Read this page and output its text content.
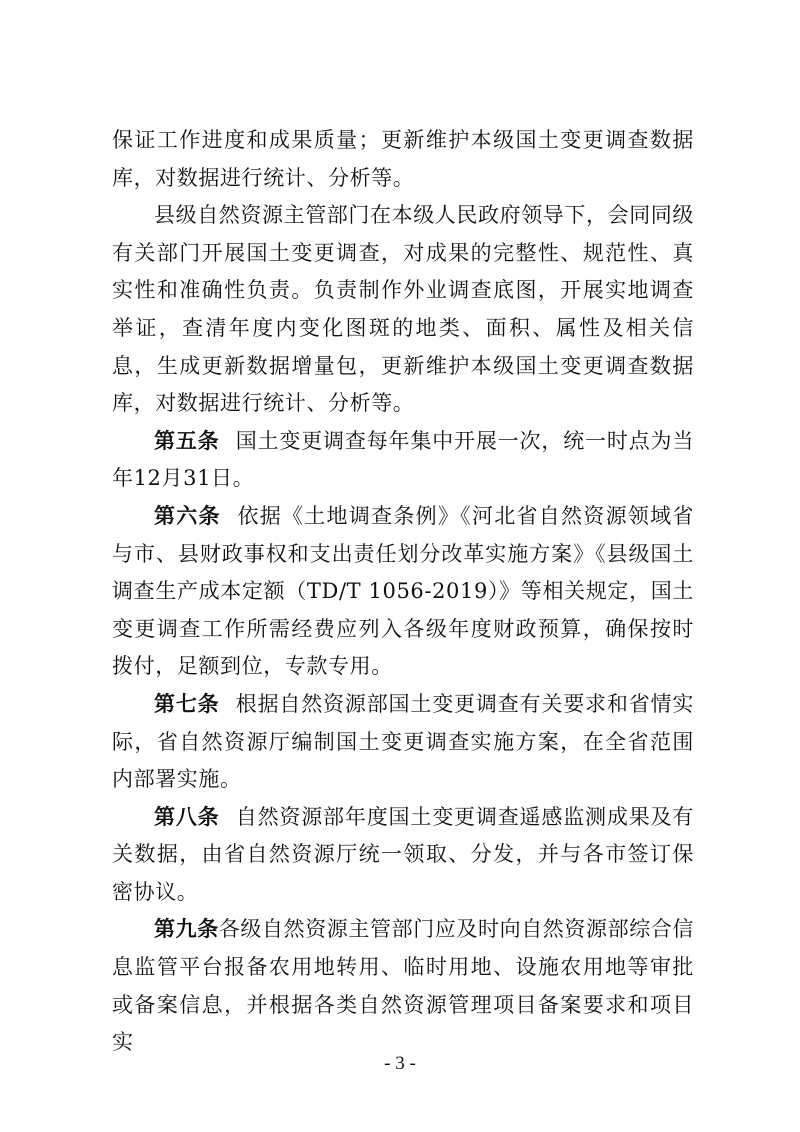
保证工作进度和成果质量；更新维护本级国土变更调查数据库，对数据进行统计、分析等。

县级自然资源主管部门在本级人民政府领导下，会同同级有关部门开展国土变更调查，对成果的完整性、规范性、真实性和准确性负责。负责制作外业调查底图，开展实地调查举证，查清年度内变化图斑的地类、面积、属性及相关信息，生成更新数据增量包，更新维护本级国土变更调查数据库，对数据进行统计、分析等。

第五条 国土变更调查每年集中开展一次，统一时点为当年12月31日。

第六条 依据《土地调查条例》《河北省自然资源领域省与市、县财政事权和支出责任划分改革实施方案》《县级国土调查生产成本定额（TD/T 1056-2019）》等相关规定，国土变更调查工作所需经费应列入各级年度财政预算，确保按时拨付，足额到位，专款专用。

第七条 根据自然资源部国土变更调查有关要求和省情实际，省自然资源厅编制国土变更调查实施方案，在全省范围内部署实施。

第八条 自然资源部年度国土变更调查遥感监测成果及有关数据，由省自然资源厅统一领取、分发，并与各市签订保密协议。

第九条各级自然资源主管部门应及时向自然资源部综合信息监管平台报备农用地转用、临时用地、设施农用地等审批或备案信息，并根据各类自然资源管理项目备案要求和项目实

- 3 -
